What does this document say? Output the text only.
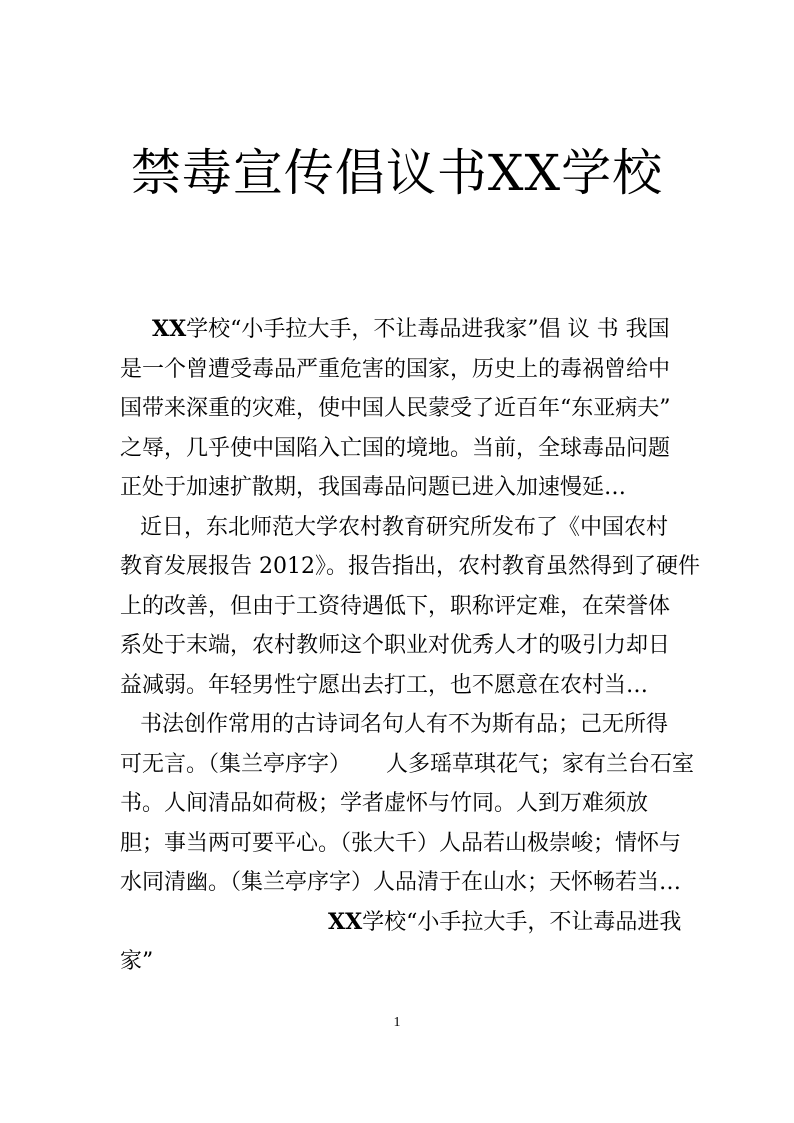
禁毒宣传倡议书XX学校
XX学校“小手拉大手，不让毒品进我家”倡 议 书 我国
是一个曾遭受毒品严重危害的国家，历史上的毒祸曾给中
国带来深重的灾难，使中国人民蒙受了近百年“东亚病夫”
之辱，几乎使中国陷入亡国的境地。当前，全球毒品问题
正处于加速扩散期，我国毒品问题已进入加速慢延…
近日，东北师范大学农村教育研究所发布了《中国农村
教育发展报告 2012》。报告指出，农村教育虽然得到了硬件
上的改善，但由于工资待遇低下，职称评定难，在荣誉体
系处于末端，农村教师这个职业对优秀人才的吸引力却日
益减弱。年轻男性宁愿出去打工，也不愿意在农村当…
书法创作常用的古诗词名句人有不为斯有品；己无所得
可无言。（集兰亭序字）     人多瑶草琪花气；家有兰台石室
书。人间清品如荷极；学者虚怀与竹同。人到万难须放
胆；事当两可要平心。（张大千）人品若山极崇峻；情怀与
水同清幽。（集兰亭序字）人品清于在山水；天怀畅若当…
XX学校“小手拉大手，不让毒品进我
家”
1
